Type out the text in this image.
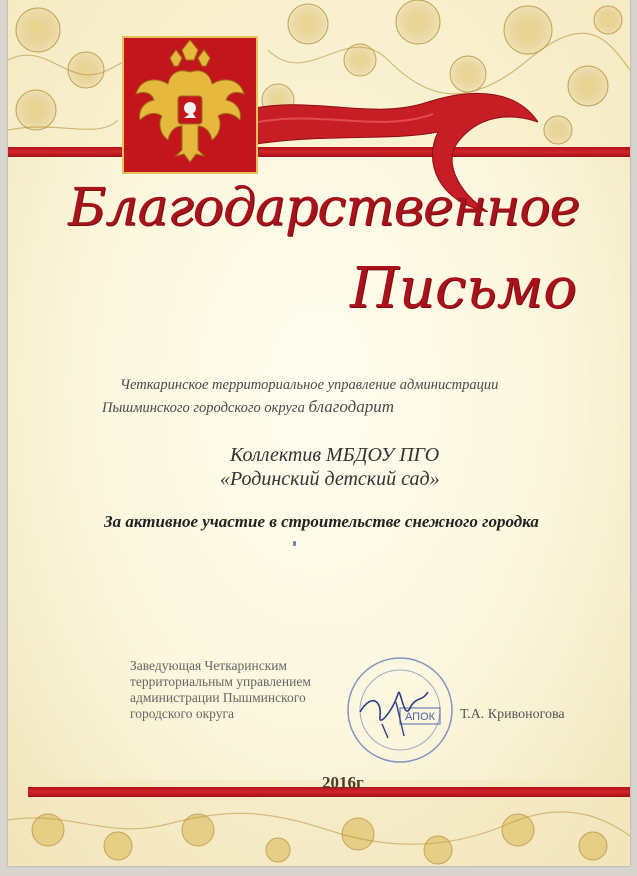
Благодарственное
Письмо
Четкаринское территориальное управление администрации
Пышминского городского округа благодарит
Коллектив МБДОУ ПГО
«Родинский детский сад»
За активное участие в строительстве снежного городка
Заведующая Четкаринским
территориальным управлением
администрации Пышминского
городского округа	АПОК Т.А. Кривоногова
2016г
